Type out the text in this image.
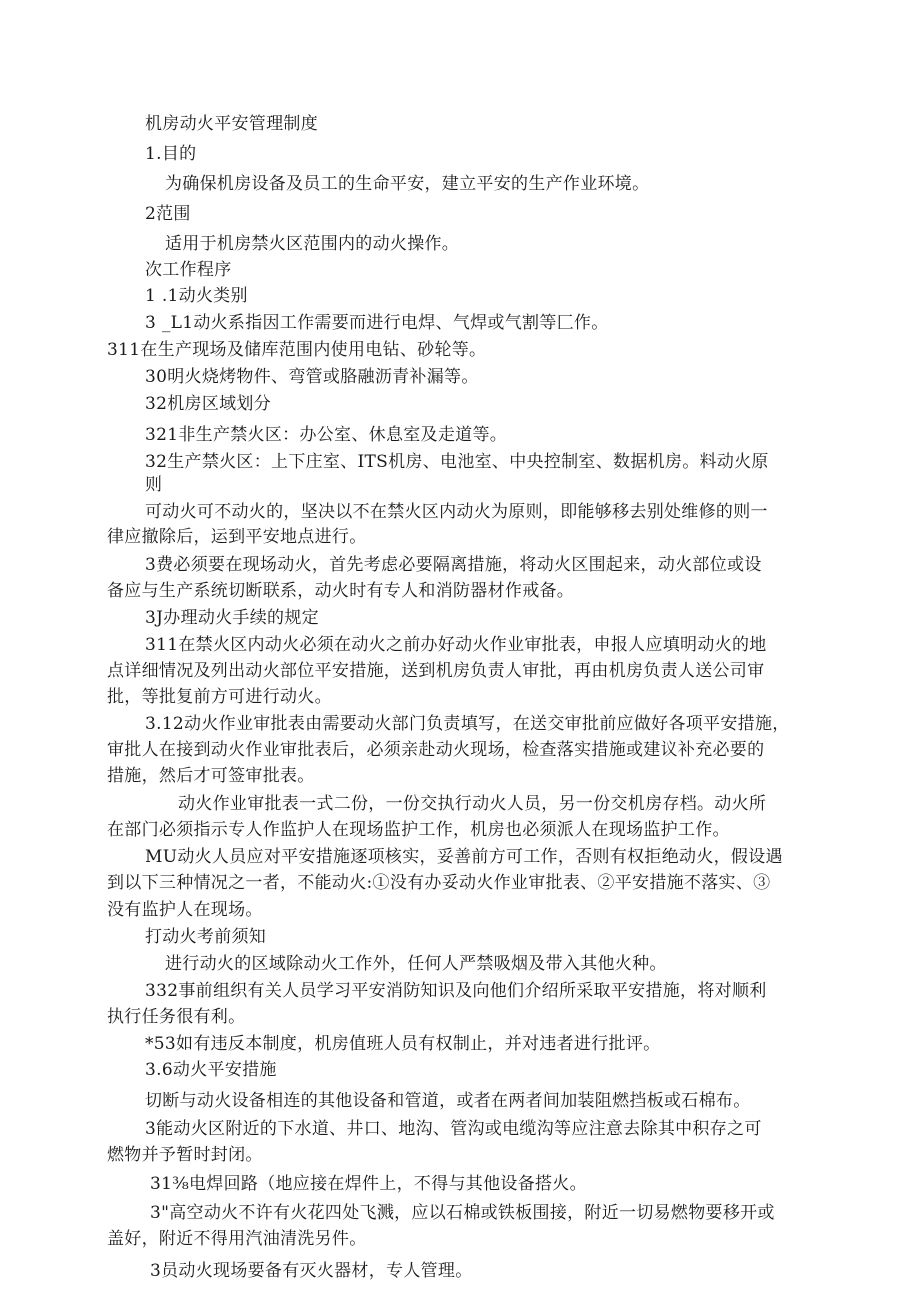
机房动火平安管理制度
1.目的
为确保机房设备及员工的生命平安，建立平安的生产作业环境。
2范围
适用于机房禁火区范围内的动火操作。
次工作程序
1 .1动火类别
3 _L1动火系指因工作需要而进行电焊、气焊或气割等匚作。
311在生产现场及储库范围内使用电钻、砂轮等。
30明火烧烤物件、弯管或胳融沥青补漏等。
32机房区域划分
321非生产禁火区：办公室、休息室及走道等。
32生产禁火区：上下庄室、ITS机房、电池室、中央控制室、数据机房。料动火原
则
可动火可不动火的，坚决以不在禁火区内动火为原则，即能够移去别处维修的则一
律应撤除后，运到平安地点进行。
3费必须要在现场动火，首先考虑必要隔离措施，将动火区围起来，动火部位或设
备应与生产系统切断联系，动火时有专人和消防器材作戒备。
3J办理动火手续的规定
311在禁火区内动火必须在动火之前办好动火作业审批表，申报人应填明动火的地
点详细情况及列出动火部位平安措施，送到机房负责人审批，再由机房负责人送公司审
批，等批复前方可进行动火。
3.12动火作业审批表由需要动火部门负责填写，在送交审批前应做好各项平安措施，
审批人在接到动火作业审批表后，必须亲赴动火现场，检查落实措施或建议补充必要的
措施，然后才可签审批表。
动火作业审批表一式二份，一份交执行动火人员，另一份交机房存档。动火所
在部门必须指示专人作监护人在现场监护工作，机房也必须派人在现场监护工作。
MU动火人员应对平安措施逐项核实，妥善前方可工作，否则有权拒绝动火，假设遇
到以下三种情况之一者，不能动火:①没有办妥动火作业审批表、②平安措施不落实、③
没有监护人在现场。
打动火考前须知
进行动火的区域除动火工作外，任何人严禁吸烟及带入其他火种。
332事前组织有关人员学习平安消防知识及向他们介绍所采取平安措施，将对顺利
执行任务很有利。
*53如有违反本制度，机房值班人员有权制止，并对违者进行批评。
3.6动火平安措施
切断与动火设备相连的其他设备和管道，或者在两者间加装阻燃挡板或石棉布。
3能动火区附近的下水道、井口、地沟、管沟或电缆沟等应注意去除其中积存之可
燃物并予暂时封闭。
31⅜电焊回路（地应接在焊件上，不得与其他设备搭火。
3"高空动火不许有火花四处飞溅，应以石棉或铁板围接，附近一切易燃物要移开或
盖好，附近不得用汽油清洗另件。
3员动火现场要备有灭火器材，专人管理。
